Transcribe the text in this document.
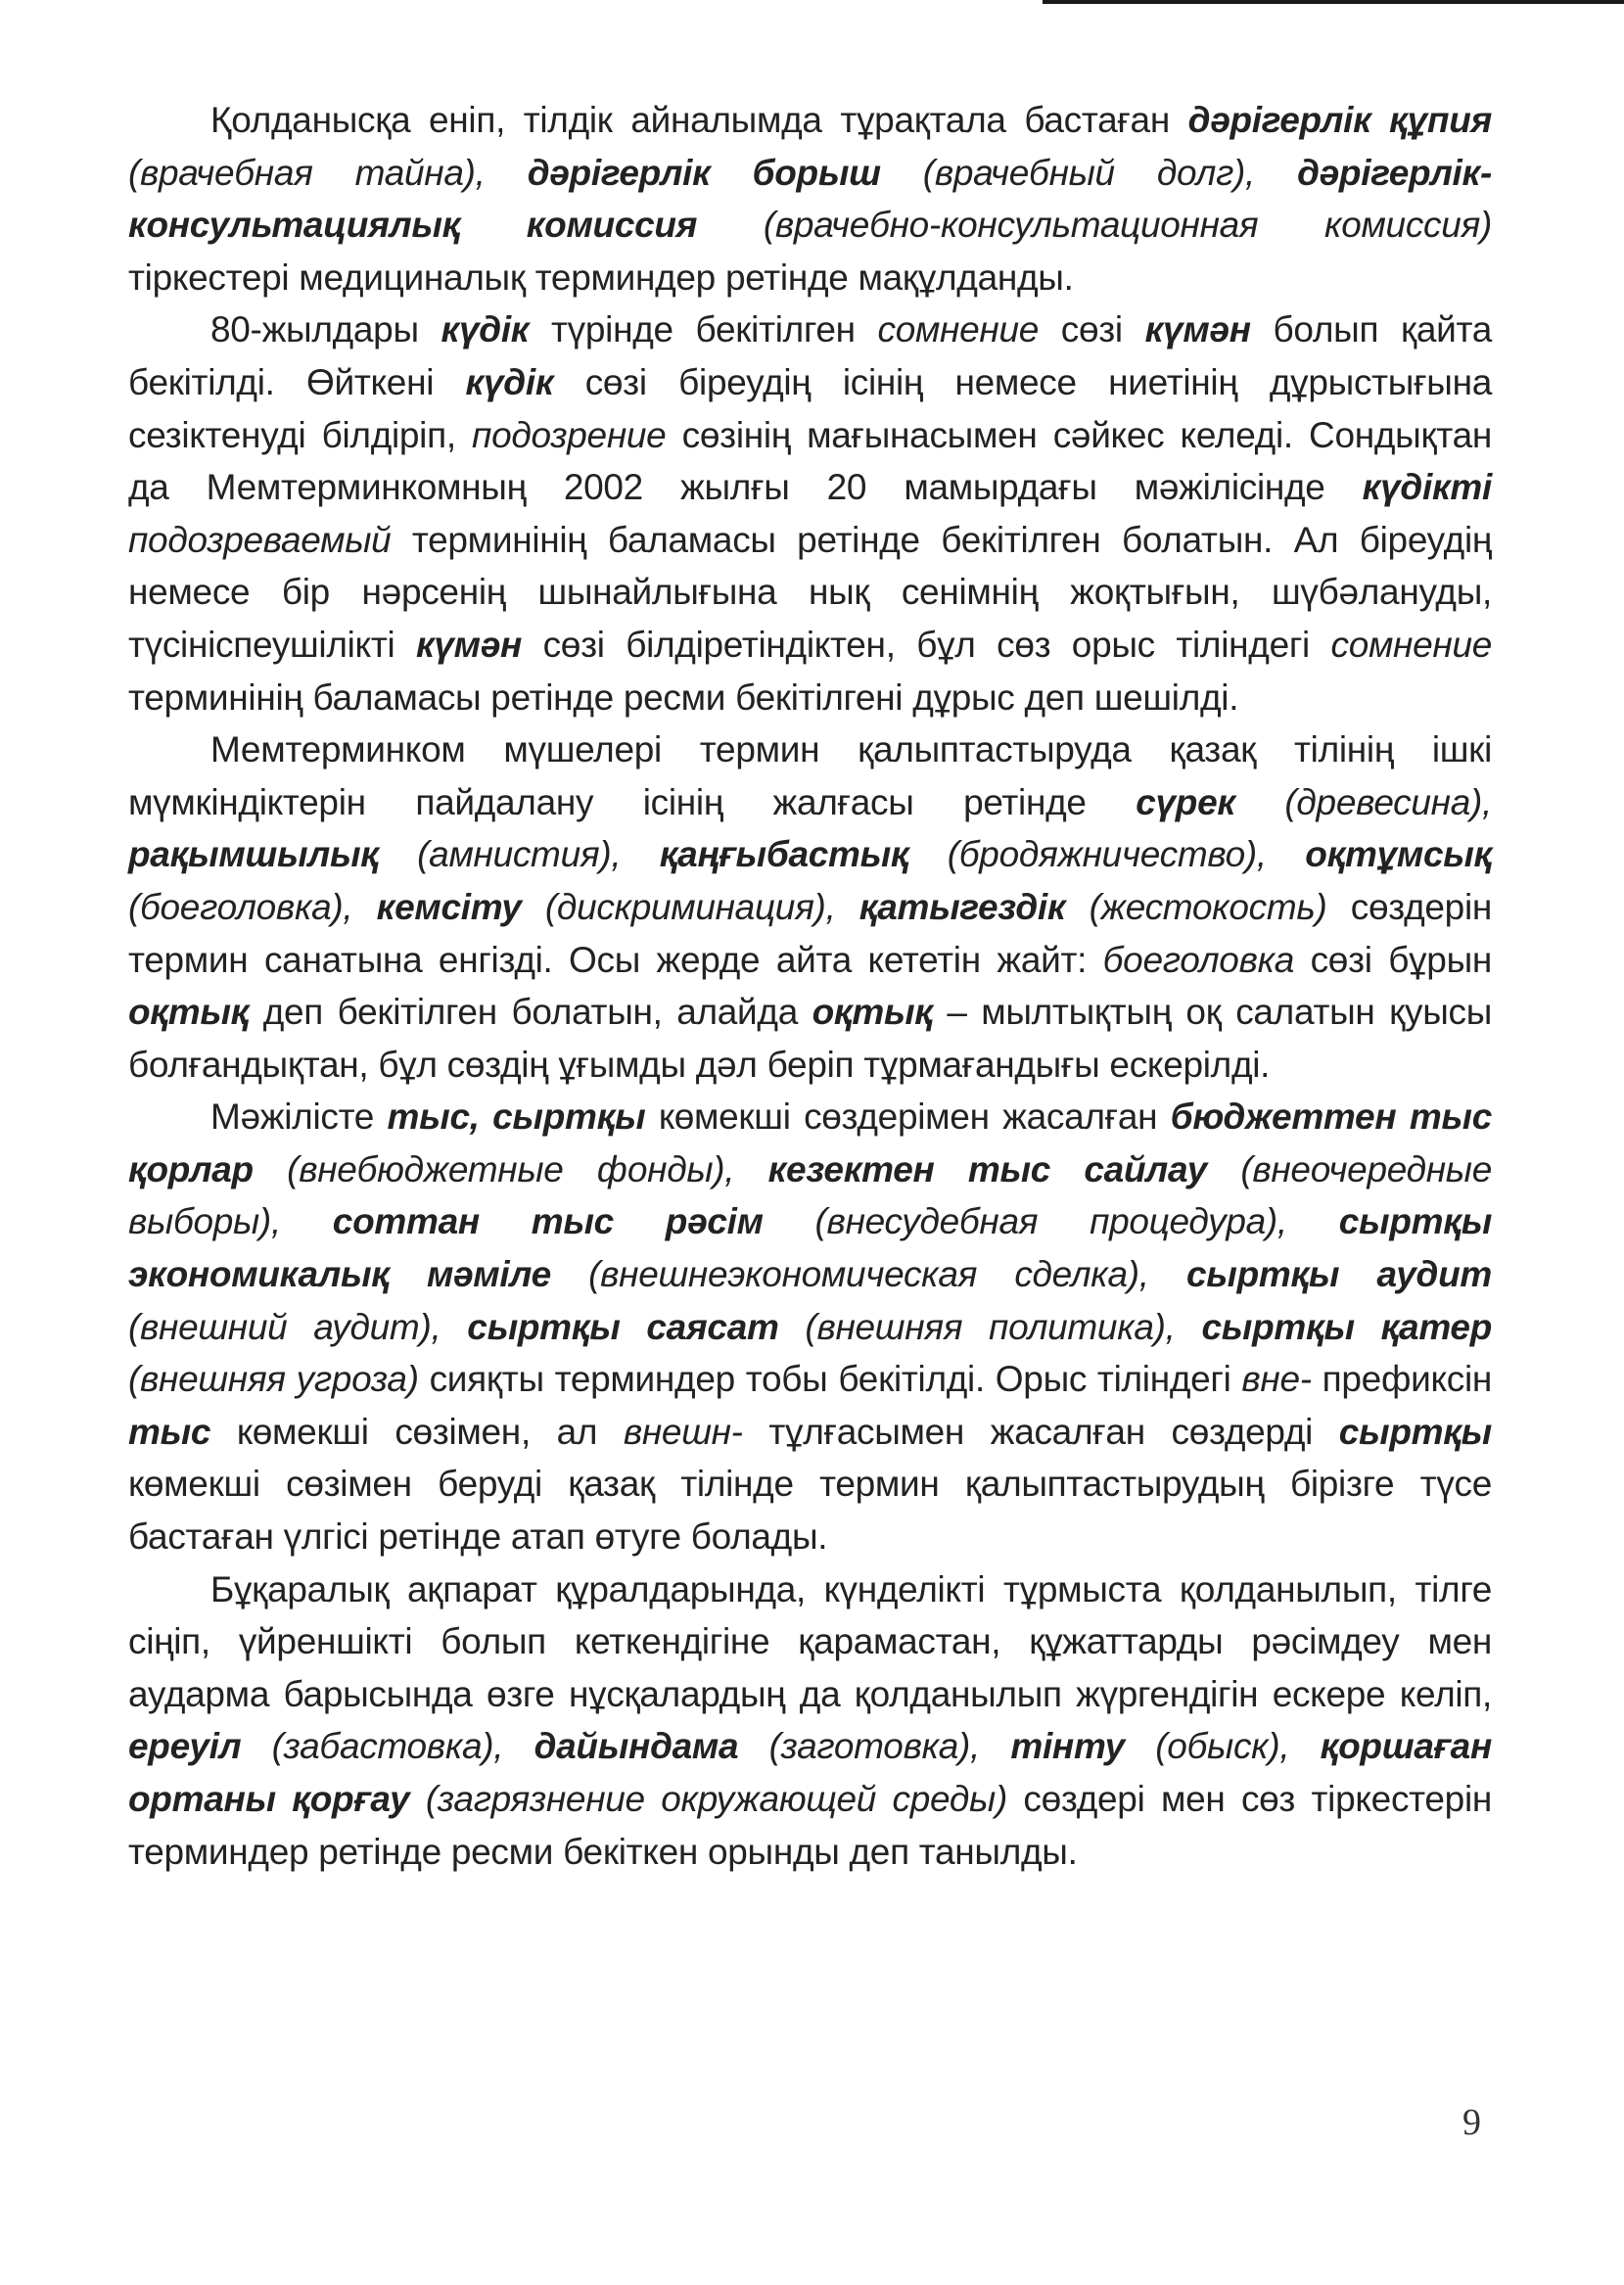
Қолданысқа еніп, тілдік айналымда тұрақтала бастаған дәрігерлік құпия (врачебная тайна), дәрігерлік борыш (врачебный долг), дәрігерлік-консультациялық комиссия (врачебно-консультационная комиссия) тіркестері медициналық терминдер ретінде мақұлданды.

80-жылдары күдік түрінде бекітілген сомнение сөзі күмән болып қайта бекітілді. Өйткені күдік сөзі біреудің ісінің немесе ниетінің дұрыстығына сезіктенуді білдіріп, подозрение сөзінің мағынасымен сәйкес келеді. Сондықтан да Мемтерминкомның 2002 жылғы 20 мамырдағы мәжілісінде күдікті подозреваемый терминінің баламасы ретінде бекітілген болатын. Ал біреудің немесе бір нәрсенің шынайлығына нық сенімнің жоқтығын, шүбәлануды, түсініспеушілікті күмән сөзі білдіретіндіктен, бұл сөз орыс тіліндегі сомнение терминінің баламасы ретінде ресми бекітілгені дұрыс деп шешілді.

Мемтерминком мүшелері термин қалыптастыруда қазақ тілінің ішкі мүмкіндіктерін пайдалану ісінің жалғасы ретінде сүрек (древесина), рақымшылық (амнистия), қаңғыбастық (бродяжничество), оқтұмсық (боеголовка), кемсіту (дискриминация), қатыгездік (жестокость) сөздерін термин санатына енгізді. Осы жерде айта кететін жайт: боеголовка сөзі бұрын оқтық деп бекітілген болатын, алайда оқтық – мылтықтың оқ салатын қуысы болғандықтан, бұл сөздің ұғымды дәл беріп тұрмағандығы ескерілді.

Мәжілісте тыс, сыртқы көмекші сөздерімен жасалған бюджеттен тыс қорлар (внебюджетные фонды), кезектен тыс сайлау (внеочередные выборы), соттан тыс рәсім (внесудебная процедура), сыртқы экономикалық мәміле (внешнеэкономическая сделка), сыртқы аудит (внешний аудит), сыртқы саясат (внешняя политика), сыртқы қатер (внешняя угроза) сияқты терминдер тобы бекітілді. Орыс тіліндегі вне- префиксін тыс көмекші сөзімен, ал внешн- тұлғасымен жасалған сөздерді сыртқы көмекші сөзімен беруді қазақ тілінде термин қалыптастырудың бірізге түсе бастаған үлгісі ретінде атап өтуге болады.

Бұқаралық ақпарат құралдарында, күнделікті тұрмыста қолданылып, тілге сіңіп, үйреншікті болып кеткендігіне қарамастан, құжаттарды рәсімдеу мен аударма барысында өзге нұсқалардың да қолданылып жүргендігін ескере келіп, ереуіл (забастовка), дайындама (заготовка), тінту (обыск), қоршаған ортаны қорғау (загрязнение окружающей среды) сөздері мен сөз тіркестерін терминдер ретінде ресми бекіткен орынды деп танылды.

9
